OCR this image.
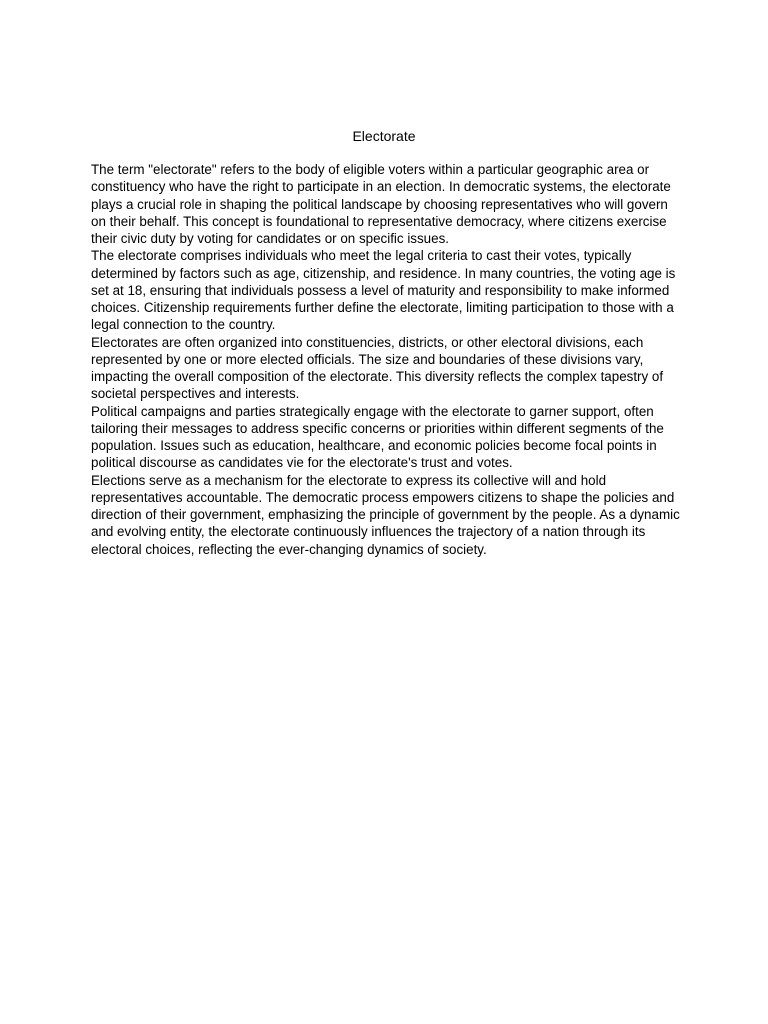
Electorate

The term "electorate" refers to the body of eligible voters within a particular geographic area or constituency who have the right to participate in an election. In democratic systems, the electorate plays a crucial role in shaping the political landscape by choosing representatives who will govern on their behalf. This concept is foundational to representative democracy, where citizens exercise their civic duty by voting for candidates or on specific issues.

The electorate comprises individuals who meet the legal criteria to cast their votes, typically determined by factors such as age, citizenship, and residence. In many countries, the voting age is set at 18, ensuring that individuals possess a level of maturity and responsibility to make informed choices. Citizenship requirements further define the electorate, limiting participation to those with a legal connection to the country.

Electorates are often organized into constituencies, districts, or other electoral divisions, each represented by one or more elected officials. The size and boundaries of these divisions vary, impacting the overall composition of the electorate. This diversity reflects the complex tapestry of societal perspectives and interests.

Political campaigns and parties strategically engage with the electorate to garner support, often tailoring their messages to address specific concerns or priorities within different segments of the population. Issues such as education, healthcare, and economic policies become focal points in political discourse as candidates vie for the electorate's trust and votes.

Elections serve as a mechanism for the electorate to express its collective will and hold representatives accountable. The democratic process empowers citizens to shape the policies and direction of their government, emphasizing the principle of government by the people. As a dynamic and evolving entity, the electorate continuously influences the trajectory of a nation through its electoral choices, reflecting the ever-changing dynamics of society.
